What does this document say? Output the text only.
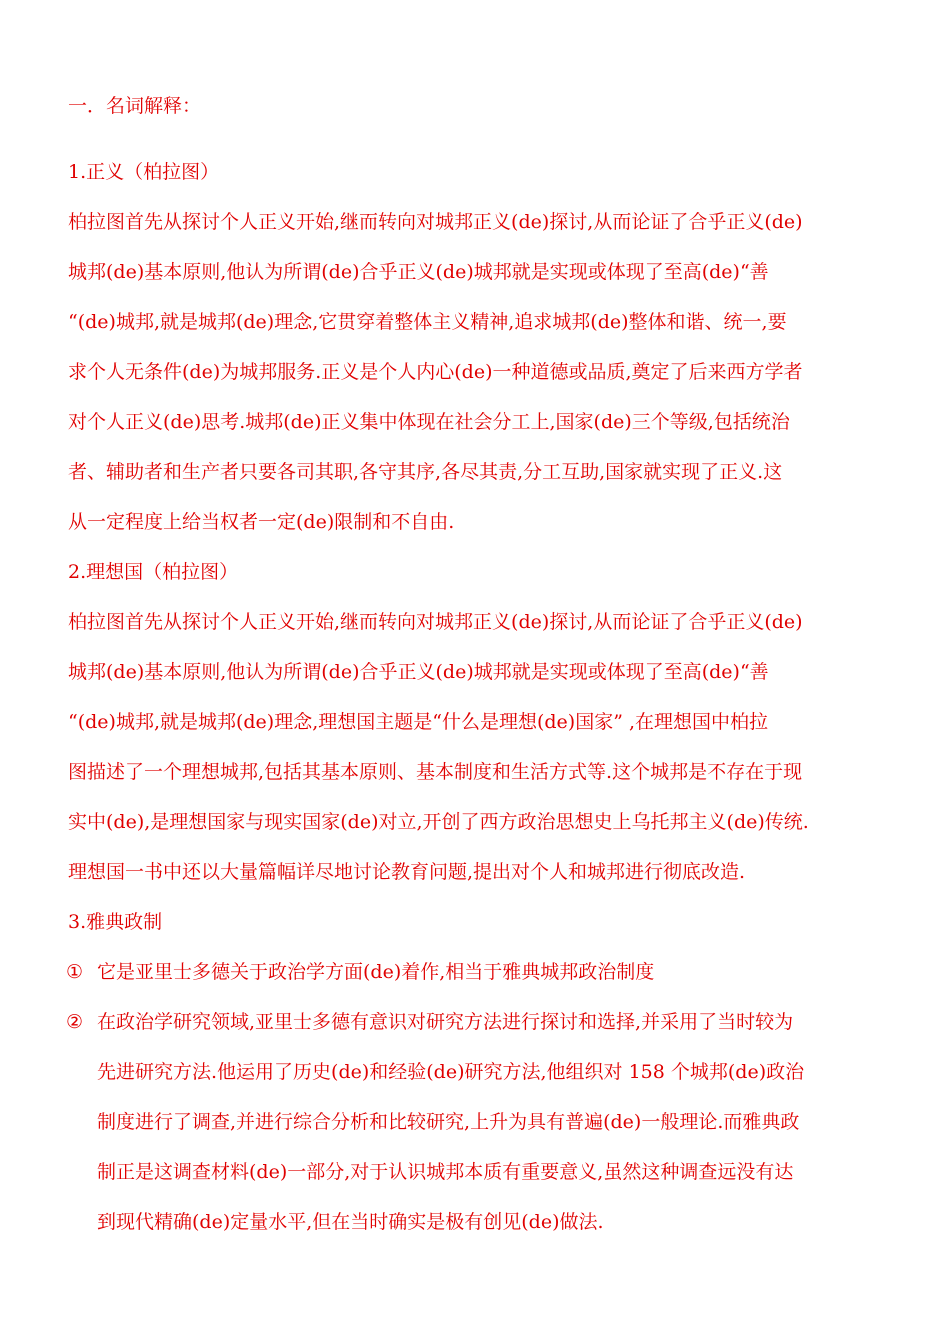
一．名词解释：
1.正义（柏拉图）
柏拉图首先从探讨个人正义开始,继而转向对城邦正义(de)探讨,从而论证了合乎正义(de)
城邦(de)基本原则,他认为所谓(de)合乎正义(de)城邦就是实现或体现了至高(de)“善
“(de)城邦,就是城邦(de)理念,它贯穿着整体主义精神,追求城邦(de)整体和谐、统一,要
求个人无条件(de)为城邦服务.正义是个人内心(de)一种道德或品质,奠定了后来西方学者
对个人正义(de)思考.城邦(de)正义集中体现在社会分工上,国家(de)三个等级,包括统治
者、辅助者和生产者只要各司其职,各守其序,各尽其责,分工互助,国家就实现了正义.这
从一定程度上给当权者一定(de)限制和不自由.
2.理想国（柏拉图）
柏拉图首先从探讨个人正义开始,继而转向对城邦正义(de)探讨,从而论证了合乎正义(de)
城邦(de)基本原则,他认为所谓(de)合乎正义(de)城邦就是实现或体现了至高(de)“善
“(de)城邦,就是城邦(de)理念,理想国主题是“什么是理想(de)国家” ,在理想国中柏拉
图描述了一个理想城邦,包括其基本原则、基本制度和生活方式等.这个城邦是不存在于现
实中(de),是理想国家与现实国家(de)对立,开创了西方政治思想史上乌托邦主义(de)传统.
理想国一书中还以大量篇幅详尽地讨论教育问题,提出对个人和城邦进行彻底改造.
3.雅典政制
① 它是亚里士多德关于政治学方面(de)着作,相当于雅典城邦政治制度
② 在政治学研究领域,亚里士多德有意识对研究方法进行探讨和选择,并采用了当时较为
先进研究方法.他运用了历史(de)和经验(de)研究方法,他组织对 158 个城邦(de)政治
制度进行了调查,并进行综合分析和比较研究,上升为具有普遍(de)一般理论.而雅典政
制正是这调查材料(de)一部分,对于认识城邦本质有重要意义,虽然这种调查远没有达
到现代精确(de)定量水平,但在当时确实是极有创见(de)做法.
